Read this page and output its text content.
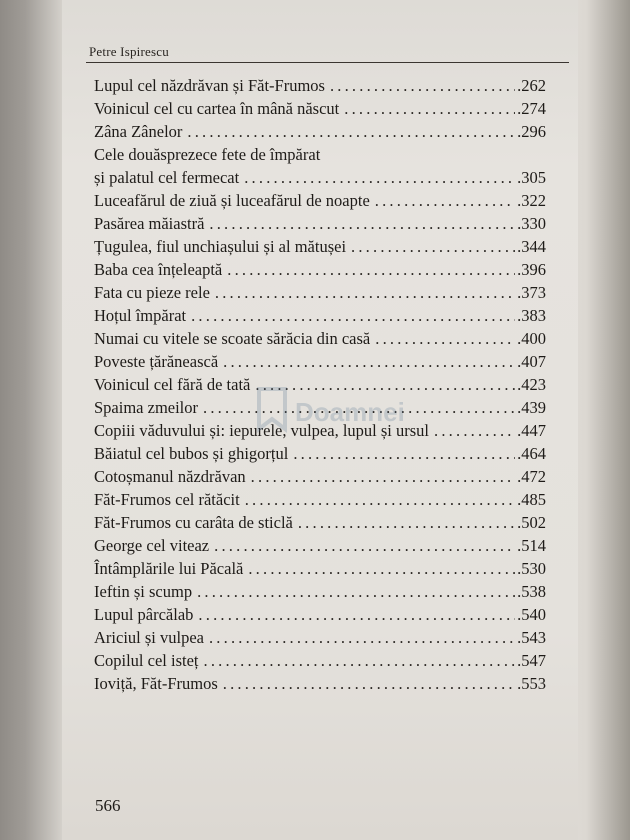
Petre Ispirescu
Lupul cel năzdrăvan și Făt-Frumos .....	.262
Voinicul cel cu cartea în mână născut .....	.274
Zâna Zânelor .....	.296
Cele douăsprezece fete de împărat
și palatul cel fermecat .....	.305
Luceafărul de ziuă și luceafărul de noapte .....	.322
Pasărea măiastră .....	.330
Țugulea, fiul unchiașului și al mătușei .....	.344
Baba cea înțeleaptă .....	.396
Fata cu pieze rele .....	.373
Hoțul împărat .....	.383
Numai cu vitele se scoate sărăcia din casă .....	.400
Poveste țărănească .....	.407
Voinicul cel fără de tată .....	.423
Spaima zmeilor .....	.439
Copiii văduvului și: iepurele, vulpea, lupul și ursul .....	.447
Băiatul cel bubos și ghigorțul .....	.464
Cotoșmanul năzdrăvan .....	.472
Făt-Frumos cel rătăcit .....	.485
Făt-Frumos cu carâta de sticlă .....	.502
George cel viteaz .....	.514
Întâmplările lui Păcală .....	.530
Ieftin și scump .....	.538
Lupul pârcălab .....	.540
Ariciul și vulpea .....	.543
Copilul cel isteț .....	.547
Ioviță, Făt-Frumos .....	.553
Doamnei
566
